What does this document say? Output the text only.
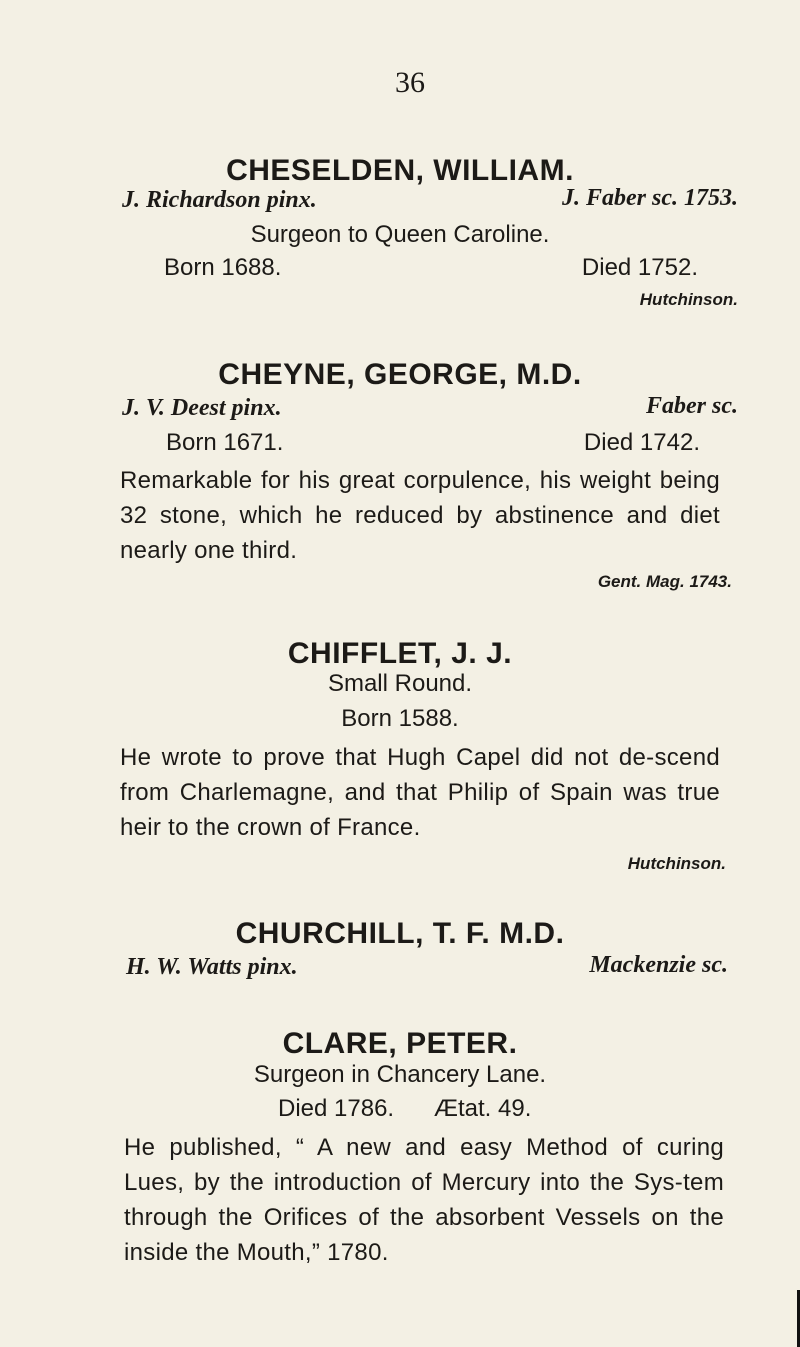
36
CHESELDEN, WILLIAM.
J. Richardson pinx.	J. Faber sc. 1753.
Surgeon to Queen Caroline.
Born 1688.	Died 1752.
Hutchinson.
CHEYNE, GEORGE, M.D.
J. V. Deest pinx.	Faber sc.
Born 1671.	Died 1742.
Remarkable for his great corpulence, his weight being 32 stone, which he reduced by abstinence and diet nearly one third.
Gent. Mag. 1743.
CHIFFLET, J. J.
Small Round.
Born 1588.
He wrote to prove that Hugh Capel did not de-scend from Charlemagne, and that Philip of Spain was true heir to the crown of France.
Hutchinson.
CHURCHILL, T. F. M.D.
H. W. Watts pinx.	Mackenzie sc.
CLARE, PETER.
Surgeon in Chancery Lane.
Died 1786. Ætat. 49.
He published, “ A new and easy Method of curing Lues, by the introduction of Mercury into the Sys-tem through the Orifices of the absorbent Vessels on the inside the Mouth,” 1780.
